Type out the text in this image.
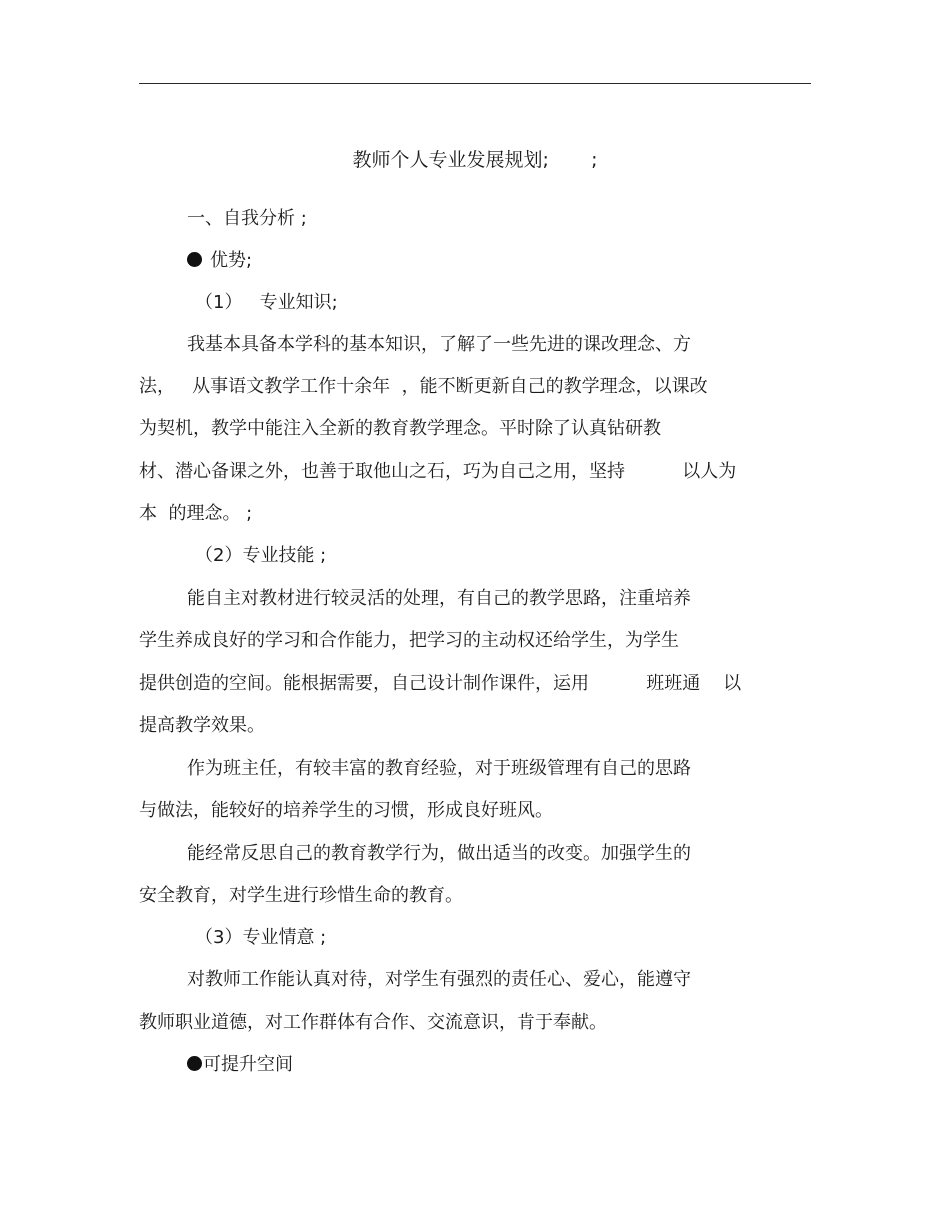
教师个人专业发展规划;       ;
一、自我分析 ;
优势;
（1）   专业知识;
我基本具备本学科的基本知识，了解了一些先进的课改理念、方
法，   从事语文教学工作十余年  ，能不断更新自己的教学理念，以课改
为契机，教学中能注入全新的教育教学理念。平时除了认真钻研教
材、潜心备课之外，也善于取他山之石，巧为自己之用，坚持          以人为
本  的理念。 ;
（2）专业技能 ;
能自主对教材进行较灵活的处理，有自己的教学思路，注重培养
学生养成良好的学习和合作能力，把学习的主动权还给学生，为学生
提供创造的空间。能根据需要，自己设计制作课件，运用          班班通    以
提高教学效果。
作为班主任，有较丰富的教育经验，对于班级管理有自己的思路
与做法，能较好的培养学生的习惯，形成良好班风。
能经常反思自己的教育教学行为，做出适当的改变。加强学生的
安全教育，对学生进行珍惜生命的教育。
（3）专业情意 ;
对教师工作能认真对待，对学生有强烈的责任心、爱心，能遵守
教师职业道德，对工作群体有合作、交流意识，肯于奉献。
可提升空间
